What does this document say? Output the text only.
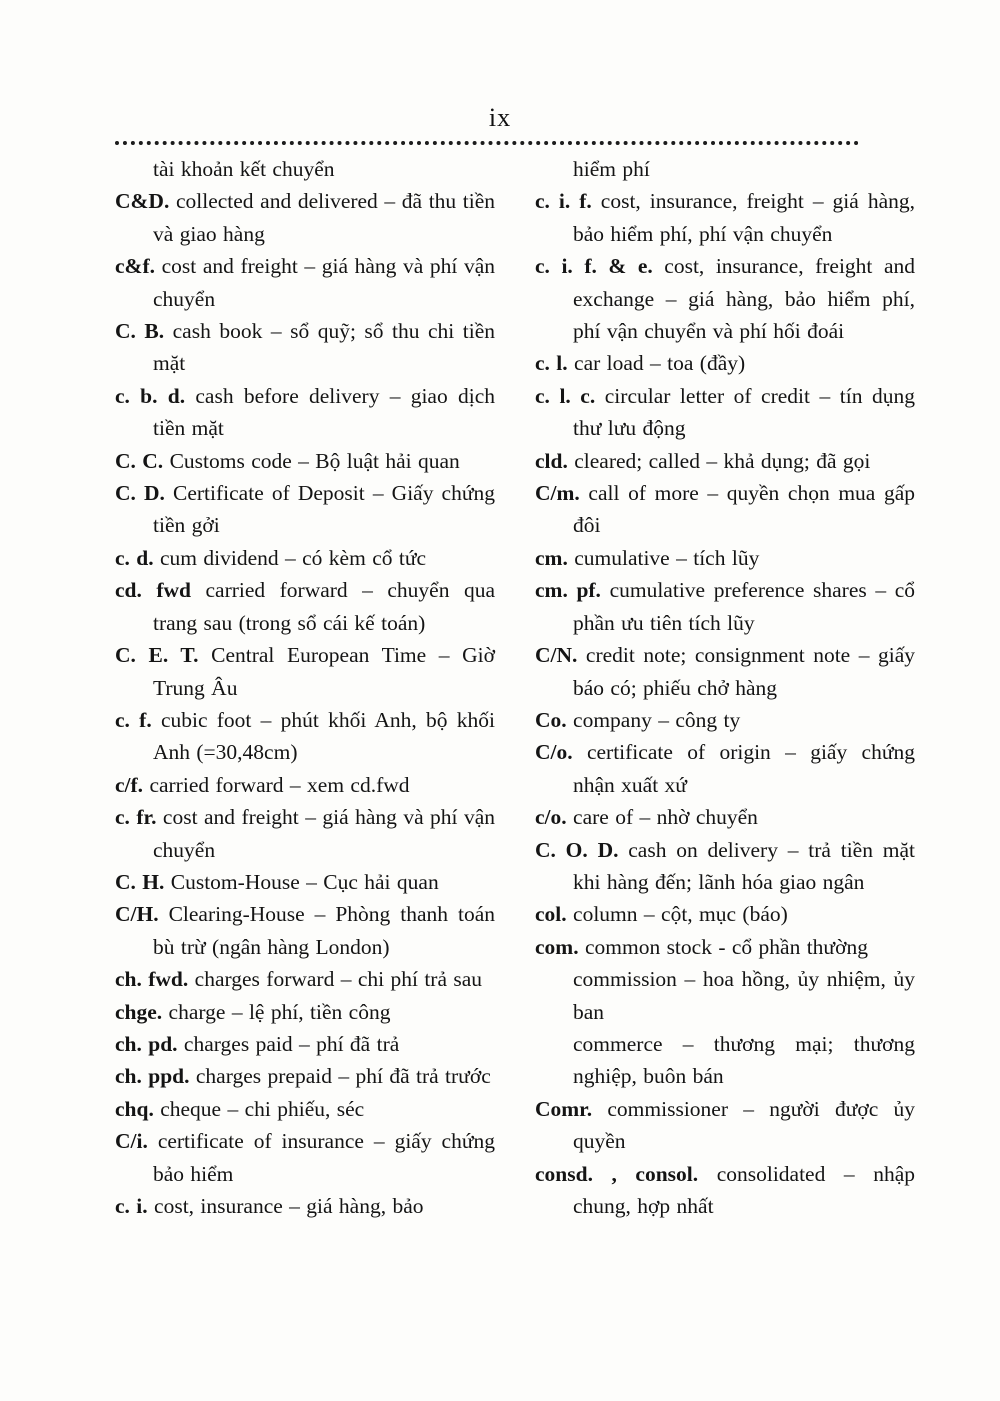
ix

tài khoản kết chuyển

C&D. collected and delivered – đã thu tiền và giao hàng

c&f. cost and freight – giá hàng và phí vận chuyển

C. B. cash book – sổ quỹ; sổ thu chi tiền mặt

c. b. d. cash before delivery – giao dịch tiền mặt

C. C. Customs code – Bộ luật hải quan

C. D. Certificate of Deposit – Giấy chứng tiền gởi

c. d. cum dividend – có kèm cổ tức

cd. fwd carried forward – chuyển qua trang sau (trong sổ cái kế toán)

C. E. T. Central European Time – Giờ Trung Âu

c. f. cubic foot – phút khối Anh, bộ khối Anh (=30,48cm)

c/f. carried forward – xem cd.fwd

c. fr. cost and freight – giá hàng và phí vận chuyển

C. H. Custom-House – Cục hải quan

C/H. Clearing-House – Phòng thanh toán bù trừ (ngân hàng London)

ch. fwd. charges forward – chi phí trả sau

chge. charge – lệ phí, tiền công

ch. pd. charges paid – phí đã trả

ch. ppd. charges prepaid – phí đã trả trước

chq. cheque – chi phiếu, séc

C/i. certificate of insurance – giấy chứng bảo hiểm

c. i. cost, insurance – giá hàng, bảo

hiểm phí

c. i. f. cost, insurance, freight – giá hàng, bảo hiểm phí, phí vận chuyển

c. i. f. & e. cost, insurance, freight and exchange – giá hàng, bảo hiểm phí, phí vận chuyển và phí hối đoái

c. l. car load – toa (đầy)

c. l. c. circular letter of credit – tín dụng thư lưu động

cld. cleared; called – khả dụng; đã gọi

C/m. call of more – quyền chọn mua gấp đôi

cm. cumulative – tích lũy

cm. pf. cumulative preference shares – cổ phần ưu tiên tích lũy

C/N. credit note; consignment note – giấy báo có; phiếu chở hàng

Co. company – công ty

C/o. certificate of origin – giấy chứng nhận xuất xứ

c/o. care of – nhờ chuyển

C. O. D. cash on delivery – trả tiền mặt khi hàng đến; lãnh hóa giao ngân

col. column – cột, mục (báo)

com. common stock - cổ phần thường

commission – hoa hồng, ủy nhiệm, ủy ban

commerce – thương mại; thương nghiệp, buôn bán

Comr. commissioner – người được ủy quyền

consd. , consol. consolidated – nhập chung, hợp nhất
